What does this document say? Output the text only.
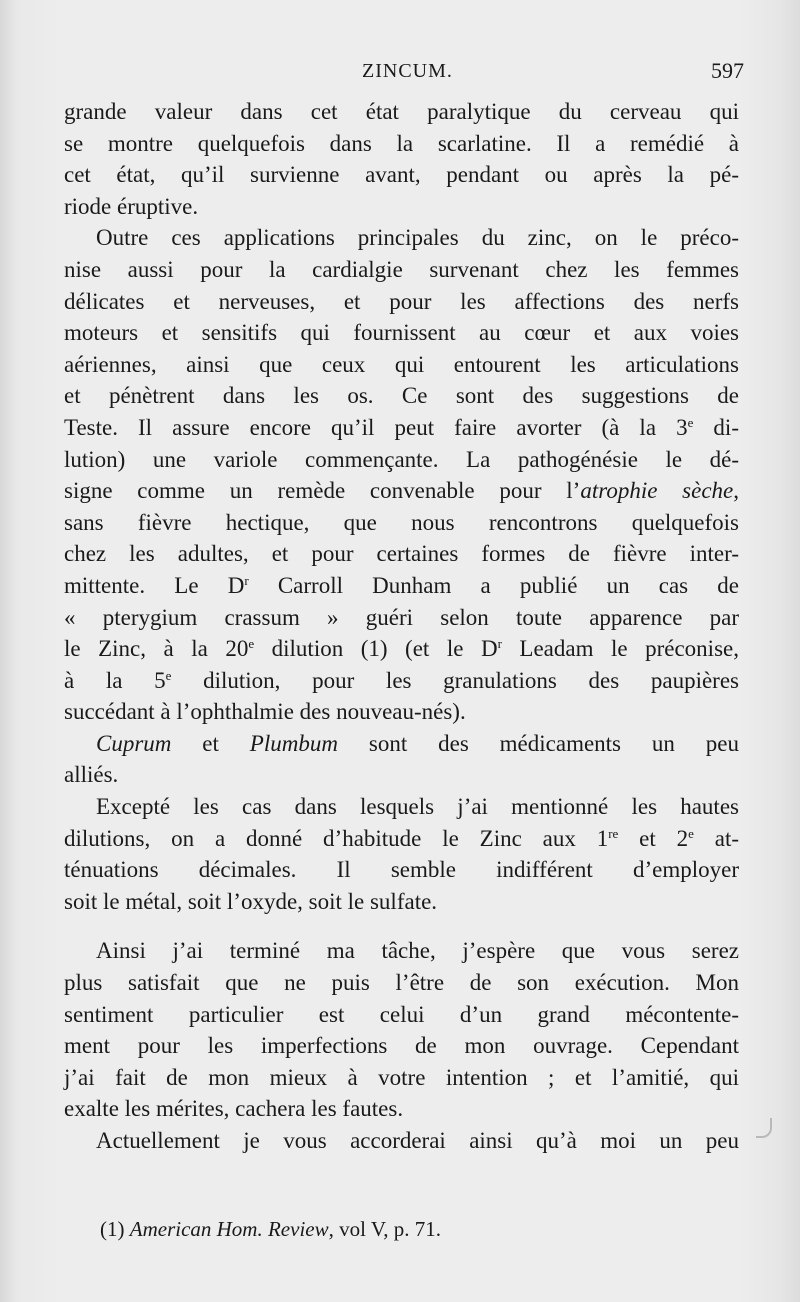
ZINCUM.	597

grande valeur dans cet état paralytique du cerveau qui
se montre quelquefois dans la scarlatine. Il a remédié à
cet état, qu’il survienne avant, pendant ou après la pé-
riode éruptive.

Outre ces applications principales du zinc, on le préco-
nise aussi pour la cardialgie survenant chez les femmes
délicates et nerveuses, et pour les affections des nerfs
moteurs et sensitifs qui fournissent au cœur et aux voies
aériennes, ainsi que ceux qui entourent les articulations
et pénètrent dans les os. Ce sont des suggestions de
Teste. Il assure encore qu’il peut faire avorter (à la 3e di-
lution) une variole commençante. La pathogénésie le dé-
signe comme un remède convenable pour l’atrophie sèche,
sans fièvre hectique, que nous rencontrons quelquefois
chez les adultes, et pour certaines formes de fièvre inter-
mittente. Le $D^r$ Carroll Dunham a publié un cas de
« pterygium crassum » guéri selon toute apparence par
le Zinc, à la 20e dilution (1) (et le $D^r$ Leadam le préconise,
à la 5e dilution, pour les granulations des paupières
succédant à l’ophthalmie des nouveau-nés).

Cuprum et Plumbum sont des médicaments un peu
alliés.

Excepté les cas dans lesquels j’ai mentionné les hautes
dilutions, on a donné d’habitude le Zinc aux 1re et 2e at-
ténuations décimales. Il semble indifférent d’employer
soit le métal, soit l’oxyde, soit le sulfate.

Ainsi j’ai terminé ma tâche, j’espère que vous serez
plus satisfait que ne puis l’être de son exécution. Mon
sentiment particulier est celui d’un grand mécontente-
ment pour les imperfections de mon ouvrage. Cependant
j’ai fait de mon mieux à votre intention ; et l’amitié, qui
exalte les mérites, cachera les fautes.

Actuellement je vous accorderai ainsi qu’à moi un peu

(1) American Hom. Review, vol V, p. 71.
